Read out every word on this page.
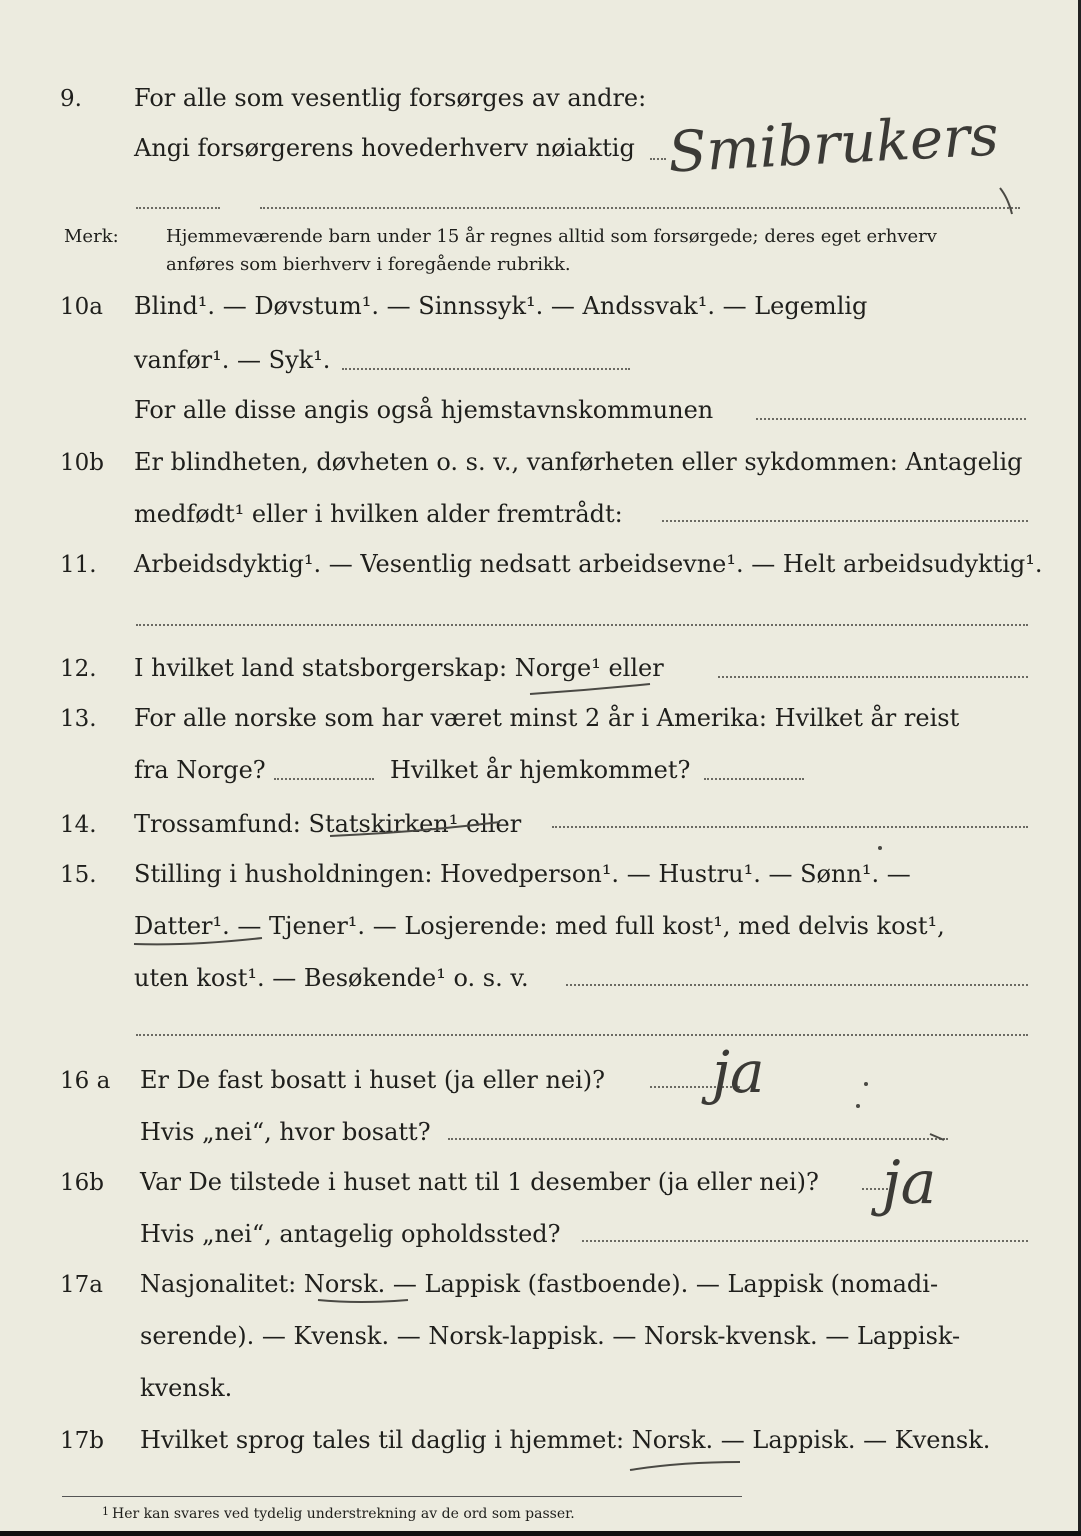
9. For alle som vesentlig forsørges av andre:
Angi forsørgerens hovederhverv nøiaktig Smibrukers
Merk:	Hjemmeværende barn under 15 år regnes alltid som forsørgede; deres eget erhverv
anføres som bierhverv i foregående rubrikk.
10a Blind¹. — Døvstum¹. — Sinnssyk¹. — Andssvak¹. — Legemlig
vanfør¹. — Syk¹.
For alle disse angis også hjemstavnskommunen
10b Er blindheten, døvheten o. s. v., vanførheten eller sykdommen: Antagelig
medfødt¹ eller i hvilken alder fremtrådt:
11. Arbeidsdyktig¹. — Vesentlig nedsatt arbeidsevne¹. — Helt arbeidsudyktig¹.
12. I hvilket land statsborgerskap: Norge¹ eller
13. For alle norske som har været minst 2 år i Amerika: Hvilket år reist
fra Norge?	Hvilket år hjemkommet?
14. Trossamfund: Statskirken¹ eller
15. Stilling i husholdningen: Hovedperson¹. — Hustru¹. — Sønn¹. —
Datter¹. — Tjener¹. — Losjerende: med full kost¹, med delvis kost¹,
uten kost¹. — Besøkende¹ o. s. v.
16 a Er De fast bosatt i huset (ja eller nei)? ja
Hvis „nei“, hvor bosatt?
16b Var De tilstede i huset natt til 1 desember (ja eller nei)? ja
Hvis „nei“, antagelig opholdssted?
17a Nasjonalitet: Norsk. — Lappisk (fastboende). — Lappisk (nomadi-
serende). — Kvensk. — Norsk-lappisk. — Norsk-kvensk. — Lappisk-
kvensk.
17b Hvilket sprog tales til daglig i hjemmet: Norsk. — Lappisk. — Kvensk.
1 Her kan svares ved tydelig understrekning av de ord som passer.
